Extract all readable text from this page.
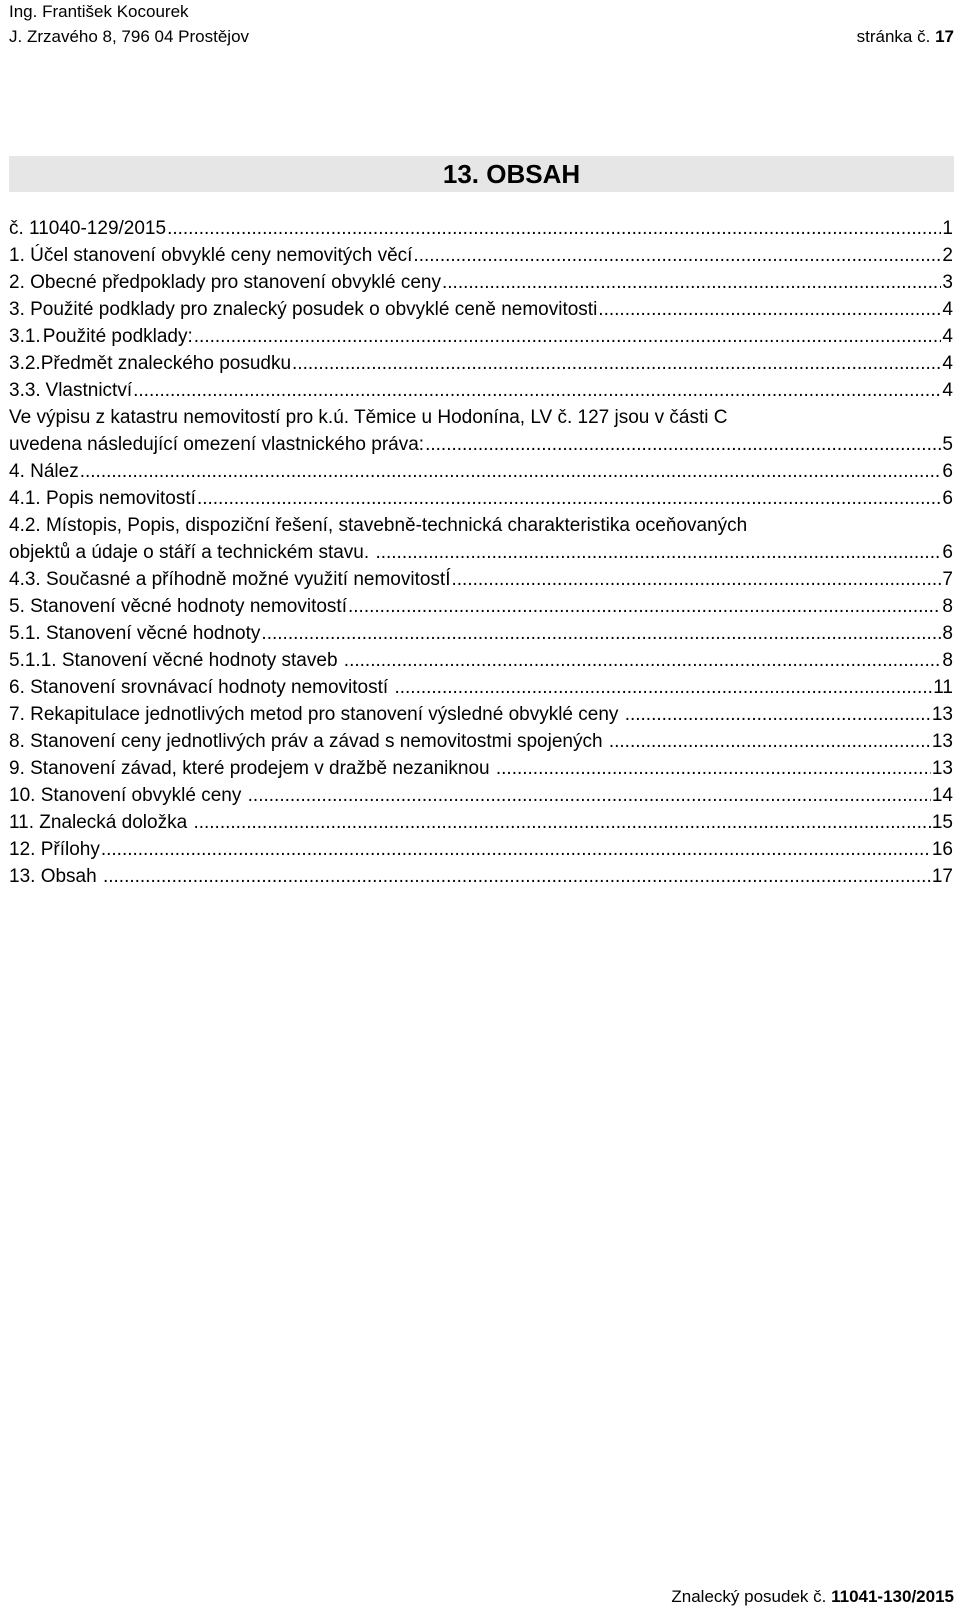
Ing. František Kocourek
J. Zrzavého 8, 796 04 Prostějov	stránka č. 17
13. OBSAH
č. 11040-129/2015 .....	1
1. Účel stanovení obvyklé ceny nemovitých věcí .....	2
2. Obecné předpoklady pro stanovení obvyklé ceny .....	3
3. Použité podklady pro znalecký posudek o obvyklé ceně nemovitosti .....	4
3.1. Použité podklady: .....	4
3.2. Předmět znaleckého posudku .....	4
3.3. Vlastnictví .....	4
Ve výpisu z katastru nemovitostí pro k.ú. Těmice u Hodonína, LV č. 127 jsou v části C
uvedena následující omezení vlastnického práva: .....	5
4. Nález .....	6
4.1. Popis nemovitostí .....	6
4.2. Místopis, Popis, dispoziční řešení, stavebně-technická charakteristika oceňovaných
objektů a údaje o stáří a technickém stavu. .....	6
4.3. Současné a příhodně možné využití nemovitostÍ .....	7
5. Stanovení věcné hodnoty nemovitostí .....	8
5.1. Stanovení věcné hodnoty .....	8
5.1.1. Stanovení věcné hodnoty staveb .....	8
6. Stanovení srovnávací hodnoty nemovitostí .....	11
7. Rekapitulace jednotlivých metod pro stanovení výsledné obvyklé ceny .....	13
8. Stanovení ceny jednotlivých práv a závad s nemovitostmi spojených .....	13
9. Stanovení závad, které prodejem v dražbě nezaniknou .....	13
10. Stanovení obvyklé ceny .....	14
11. Znalecká doložka .....	15
12. Přílohy .....	16
13. Obsah .....	17
Znalecký posudek č. 11041-130/2015
